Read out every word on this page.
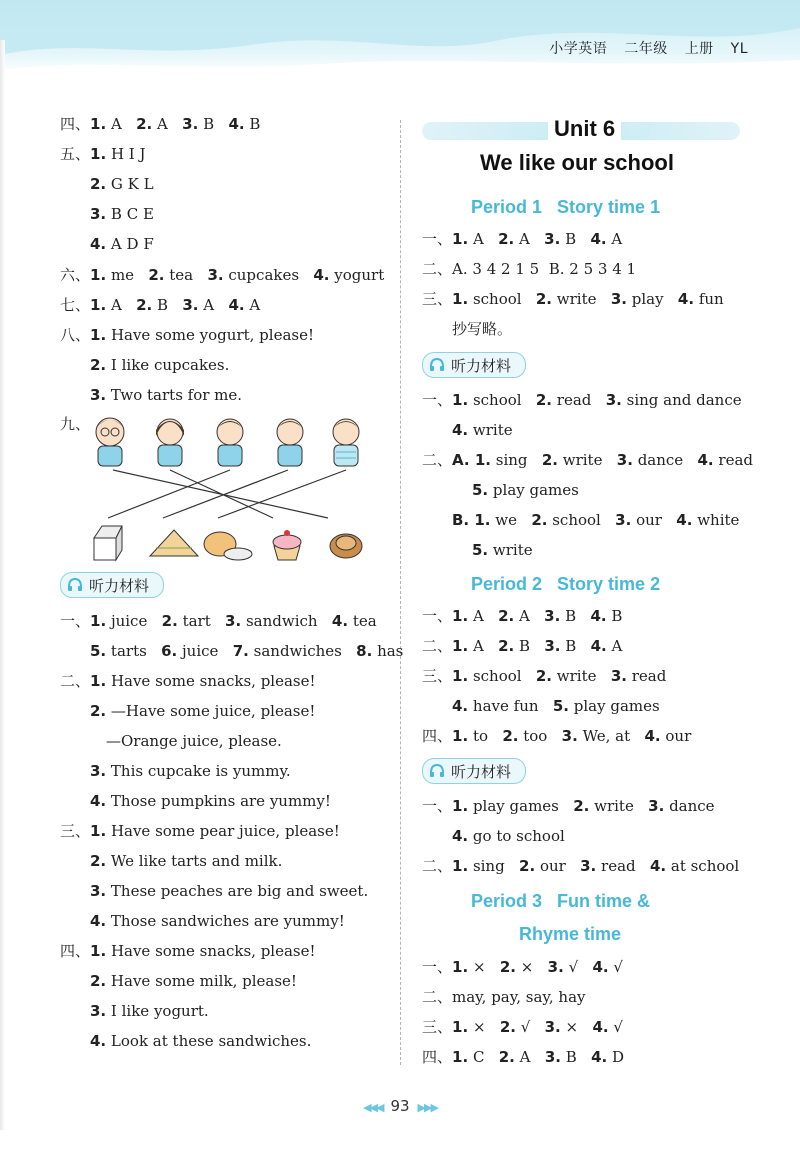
小学英语 二年级 上册 YL
四、1. A 2. A 3. B 4. B
五、1. H I J
2. G K L
3. B C E
4. A D F
六、1. me 2. tea 3. cupcakes 4. yogurt
七、1. A 2. B 3. A 4. A
八、1. Have some yogurt, please!
2. I like cupcakes.
3. Two tarts for me.
九、
听力材料
一、1. juice 2. tart 3. sandwich 4. tea
5. tarts 6. juice 7. sandwiches 8. has
二、1. Have some snacks, please!
2. —Have some juice, please!
—Orange juice, please.
3. This cupcake is yummy.
4. Those pumpkins are yummy!
三、1. Have some pear juice, please!
2. We like tarts and milk.
3. These peaches are big and sweet.
4. Those sandwiches are yummy!
四、1. Have some snacks, please!
2. Have some milk, please!
3. I like yogurt.
4. Look at these sandwiches.
Unit 6
We like our school
Period 1 Story time 1
一、1. A 2. A 3. B 4. A
二、A. 3 4 2 1 5 B. 2 5 3 4 1
三、1. school 2. write 3. play 4. fun
抄写略。
听力材料
一、1. school 2. read 3. sing and dance
4. write
二、A. 1. sing 2. write 3. dance 4. read
5. play games
B. 1. we 2. school 3. our 4. white
5. write
Period 2 Story time 2
一、1. A 2. A 3. B 4. B
二、1. A 2. B 3. B 4. A
三、1. school 2. write 3. read
4. have fun 5. play games
四、1. to 2. too 3. We, at 4. our
听力材料
一、1. play games 2. write 3. dance
4. go to school
二、1. sing 2. our 3. read 4. at school
Period 3 Fun time &
Rhyme time
一、1. × 2. × 3. √ 4. √
二、may, pay, say, hay
三、1. × 2. √ 3. × 4. √
四、1. C 2. A 3. B 4. D
◀◀◀ 93 ▶▶▶
